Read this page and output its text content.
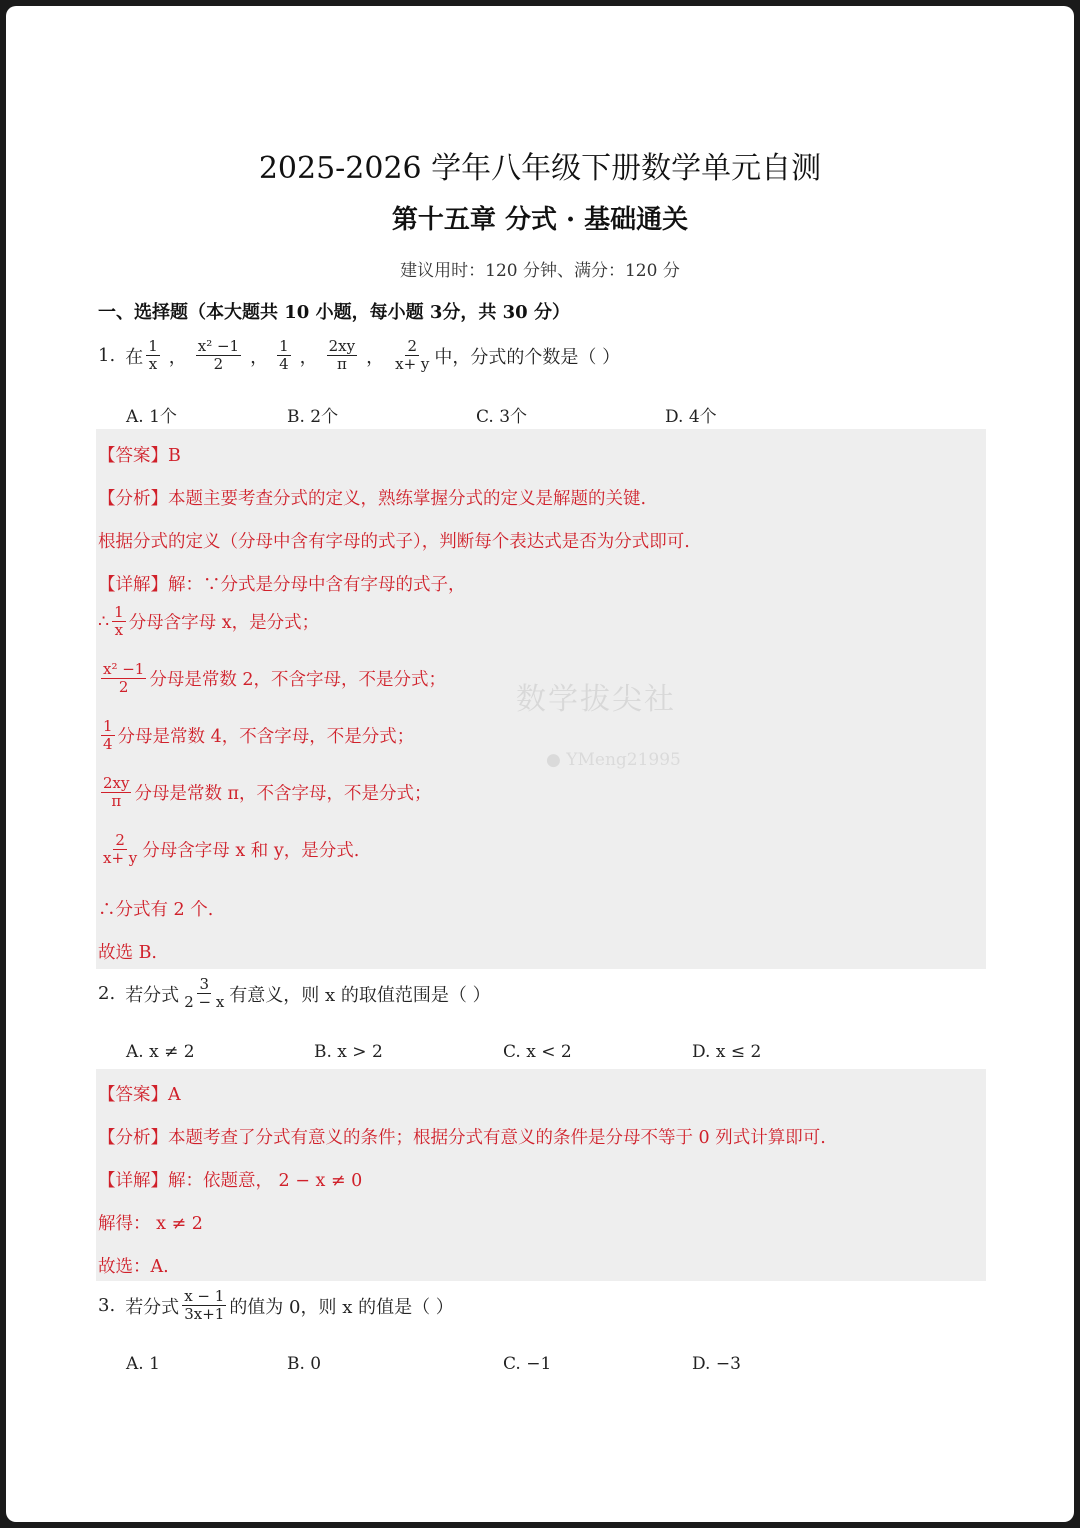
2025-2026 学年八年级下册数学单元自测
第十五章 分式 · 基础通关
建议用时：120 分钟、满分：120 分
一、选择题（本大题共 10 小题，每小题 3分，共 30 分）
1. 在 $\frac{1}{x}$ ， $\frac{\text{x² −1}}{2}$ ， $\frac{1}{4}$ ， $\frac{2xy}{\pi}$ ， $\frac{2}{x+ y}$ 中，分式的个数是（ ）
A. 1个	B. 2个	C. 3个	D. 4个
【答案】B
【分析】本题主要考查分式的定义，熟练掌握分式的定义是解题的关键.
根据分式的定义（分母中含有字母的式子），判断每个表达式是否为分式即可.
【详解】解：∵分式是分母中含有字母的式子，
∴ $\frac{1}{x}$ 分母含字母 x，是分式；
$\frac{\text{x² −1}}{2}$ 分母是常数 2，不含字母，不是分式；
$\frac{1}{4}$ 分母是常数 4，不含字母，不是分式；
$\frac{2xy}{\pi}$ 分母是常数 π，不含字母，不是分式；
$\frac{2}{x+ y}$ 分母含字母 x 和 y，是分式.
∴分式有 2 个.
故选 B.
数学拔尖社
● YMeng21995
2. 若分式 $\frac{3}{2 - x}$ 有意义，则 x 的取值范围是（ ）
A. x ≠ 2	B. x > 2	C. x < 2	D. x ≤ 2
【答案】A
【分析】本题考查了分式有意义的条件；根据分式有意义的条件是分母不等于 0 列式计算即可.
【详解】解：依题意， 2 − x ≠ 0
解得： x ≠ 2
故选：A.
3. 若分式 $\frac{x - 1}{3x+1}$ 的值为 0，则 x 的值是（ ）
A. 1	B. 0	C. −1	D. −3
